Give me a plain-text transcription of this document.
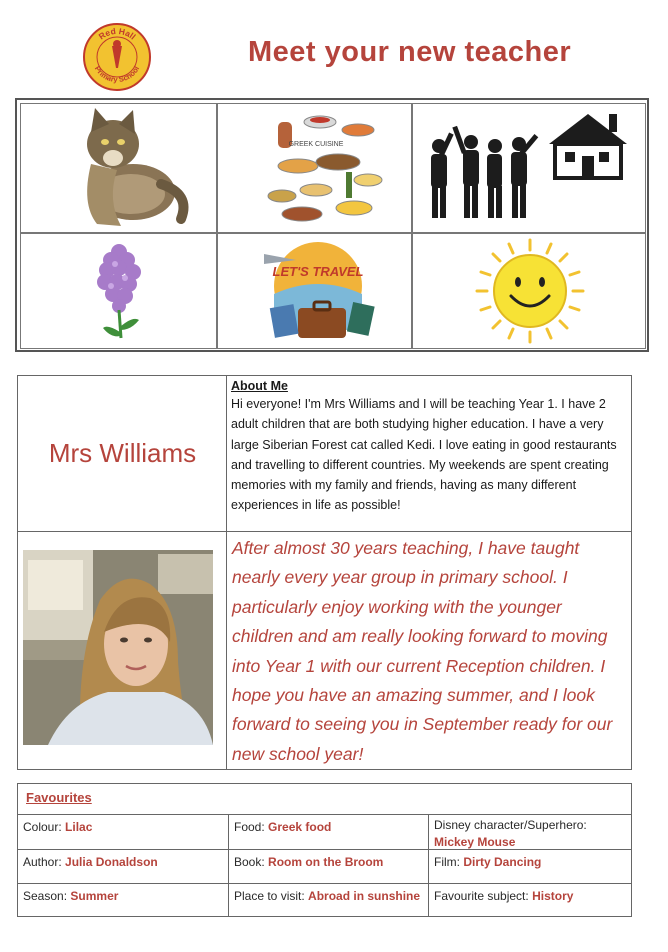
Red Hall
Primary School	Meet your new teacher
GREEK CUISINE
LET'S TRAVEL
Mrs Williams
About Me

Hi everyone! I'm Mrs Williams and I will be teaching Year 1. I have 2 adult children that are both studying higher education. I have a very large Siberian Forest cat called Kedi. I love eating in good restaurants and travelling to different countries. My weekends are spent creating memories with my family and friends, having as many different experiences in life as possible!

After almost 30 years teaching, I have taught nearly every year group in primary school. I particularly enjoy working with the younger children and am really looking forward to moving into Year 1 with our current Reception children. I hope you have an amazing summer, and I look forward to seeing you in September ready for our new school year!

Favourites
Colour: Lilac	Food: Greek food	Disney character/Superhero:
Mickey Mouse
Author: Julia Donaldson	Book: Room on the Broom	Film: Dirty Dancing
Season: Summer	Place to visit: Abroad in sunshine	Favourite subject: History
